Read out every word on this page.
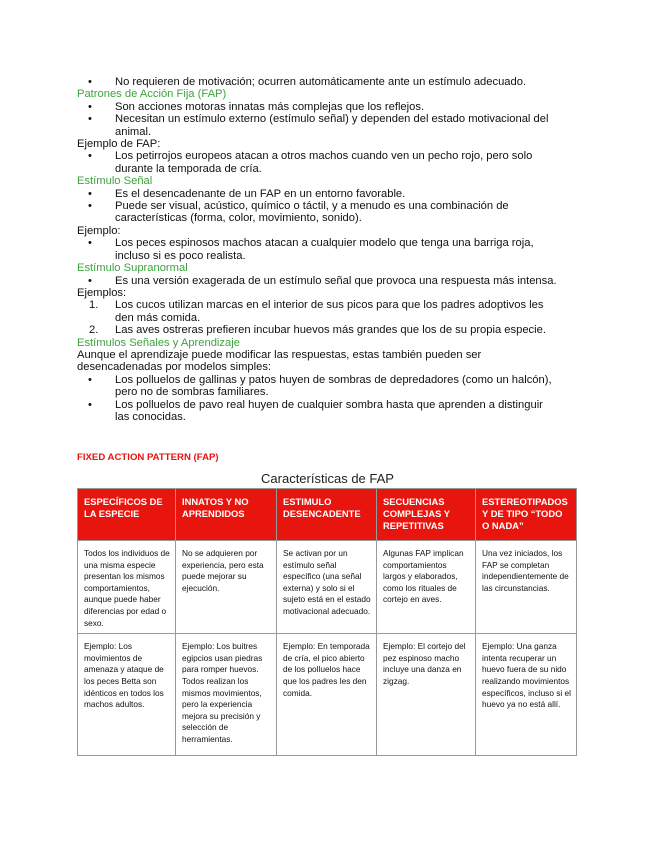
• No requieren de motivación; ocurren automáticamente ante un estímulo adecuado.
Patrones de Acción Fija (FAP)
• Son acciones motoras innatas más complejas que los reflejos.
• Necesitan un estímulo externo (estímulo señal) y dependen del estado motivacional del
animal.
Ejemplo de FAP:
• Los petirrojos europeos atacan a otros machos cuando ven un pecho rojo, pero solo
durante la temporada de cría.
Estímulo Señal
• Es el desencadenante de un FAP en un entorno favorable.
• Puede ser visual, acústico, químico o táctil, y a menudo es una combinación de
características (forma, color, movimiento, sonido).
Ejemplo:
• Los peces espinosos machos atacan a cualquier modelo que tenga una barriga roja,
incluso si es poco realista.
Estímulo Supranormal
• Es una versión exagerada de un estímulo señal que provoca una respuesta más intensa.
Ejemplos:
1. Los cucos utilizan marcas en el interior de sus picos para que los padres adoptivos les
den más comida.
2. Las aves ostreras prefieren incubar huevos más grandes que los de su propia especie.
Estímulos Señales y Aprendizaje
Aunque el aprendizaje puede modificar las respuestas, estas también pueden ser
desencadenadas por modelos simples:
• Los polluelos de gallinas y patos huyen de sombras de depredadores (como un halcón),
pero no de sombras familiares.
• Los polluelos de pavo real huyen de cualquier sombra hasta que aprenden a distinguir
las conocidas.
FIXED ACTION PATTERN (FAP)
Características de FAP
ESPECÍFICOS DE LA ESPECIE	INNATOS Y NO APRENDIDOS	ESTIMULO DESENCADENTE	SECUENCIAS COMPLEJAS Y REPETITIVAS	ESTEREOTIPADOS Y DE TIPO “TODO O NADA”
Todos los individuos de una misma especie presentan los mismos comportamientos, aunque puede haber diferencias por edad o sexo.	No se adquieren por experiencia, pero esta puede mejorar su ejecución.	Se activan por un estímulo señal específico (una señal externa) y solo si el sujeto está en el estado motivacional adecuado.	Algunas FAP implican comportamientos largos y elaborados, como los rituales de cortejo en aves.	Una vez iniciados, los FAP se completan independientemente de las circunstancias.
Ejemplo: Los movimientos de amenaza y ataque de los peces Betta son idénticos en todos los machos adultos.	Ejemplo: Los buitres egipcios usan piedras para romper huevos. Todos realizan los mismos movimientos, pero la experiencia mejora su precisión y selección de herramientas.	Ejemplo: En temporada de cría, el pico abierto de los polluelos hace que los padres les den comida.	Ejemplo: El cortejo del pez espinoso macho incluye una danza en zigzag.	Ejemplo: Una ganza intenta recuperar un huevo fuera de su nido realizando movimientos específicos, incluso si el huevo ya no está allí.
